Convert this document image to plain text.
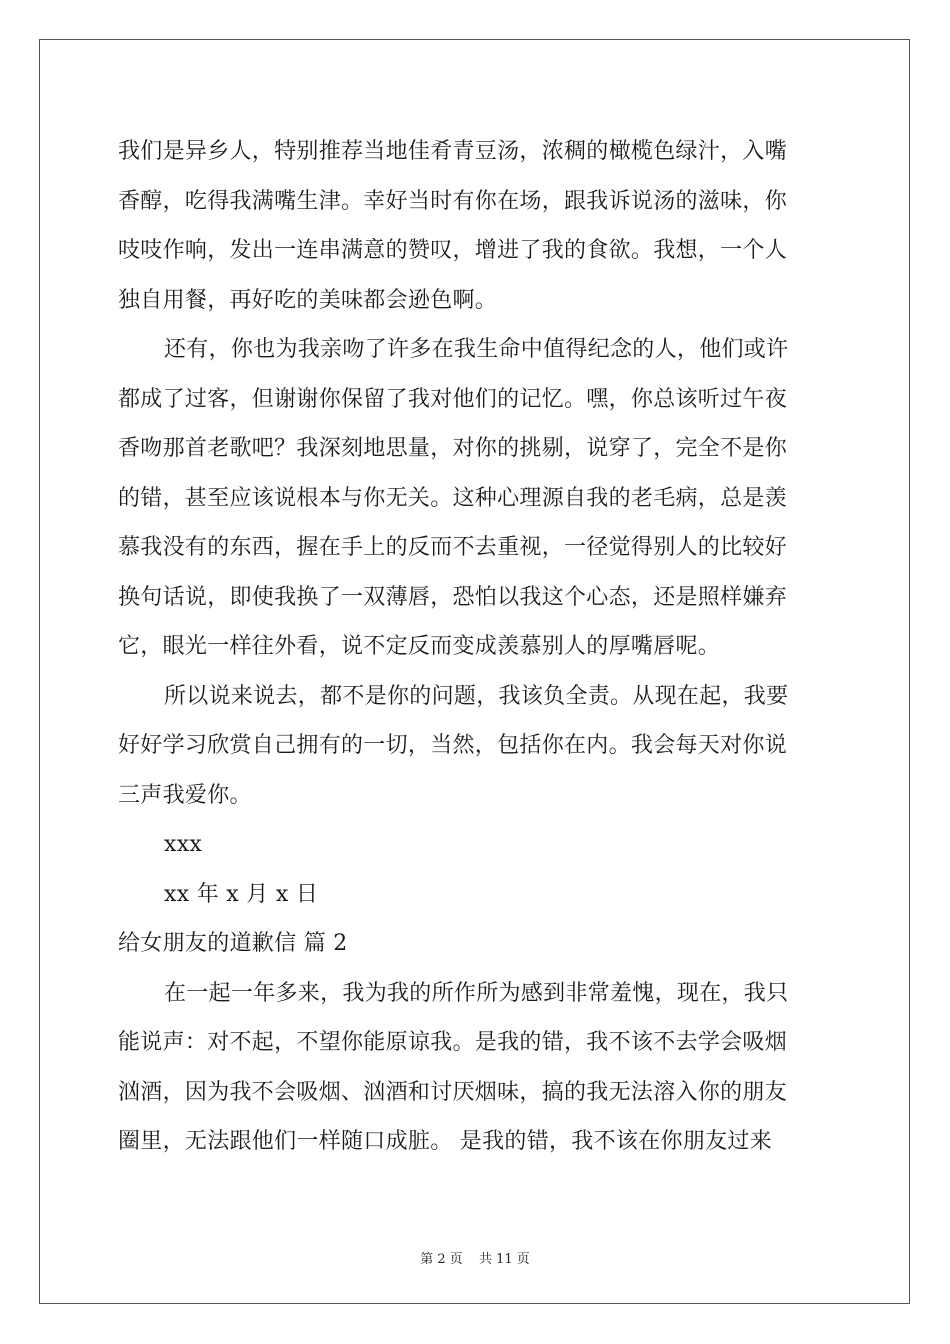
我们是异乡人，特别推荐当地佳肴青豆汤，浓稠的橄榄色绿汁，入嘴
香醇，吃得我满嘴生津。幸好当时有你在场，跟我诉说汤的滋味，你
吱吱作响，发出一连串满意的赞叹，增进了我的食欲。我想，一个人
独自用餐，再好吃的美味都会逊色啊。
还有，你也为我亲吻了许多在我生命中值得纪念的人，他们或许
都成了过客，但谢谢你保留了我对他们的记忆。嘿，你总该听过午夜
香吻那首老歌吧？我深刻地思量，对你的挑剔，说穿了，完全不是你
的错，甚至应该说根本与你无关。这种心理源自我的老毛病，总是羡
慕我没有的东西，握在手上的反而不去重视，一径觉得别人的比较好
换句话说，即使我换了一双薄唇，恐怕以我这个心态，还是照样嫌弃
它，眼光一样往外看，说不定反而变成羡慕别人的厚嘴唇呢。
所以说来说去，都不是你的问题，我该负全责。从现在起，我要
好好学习欣赏自己拥有的一切，当然，包括你在内。我会每天对你说
三声我爱你。
xxx
xx 年 x 月 x 日
给女朋友的道歉信 篇 2
在一起一年多来，我为我的所作所为感到非常羞愧，现在，我只
能说声：对不起，不望你能原谅我。是我的错，我不该不去学会吸烟
汹酒，因为我不会吸烟、汹酒和讨厌烟味，搞的我无法溶入你的朋友
圈里，无法跟他们一样随口成脏。 是我的错，我不该在你朋友过来
第 2 页 共 11 页
